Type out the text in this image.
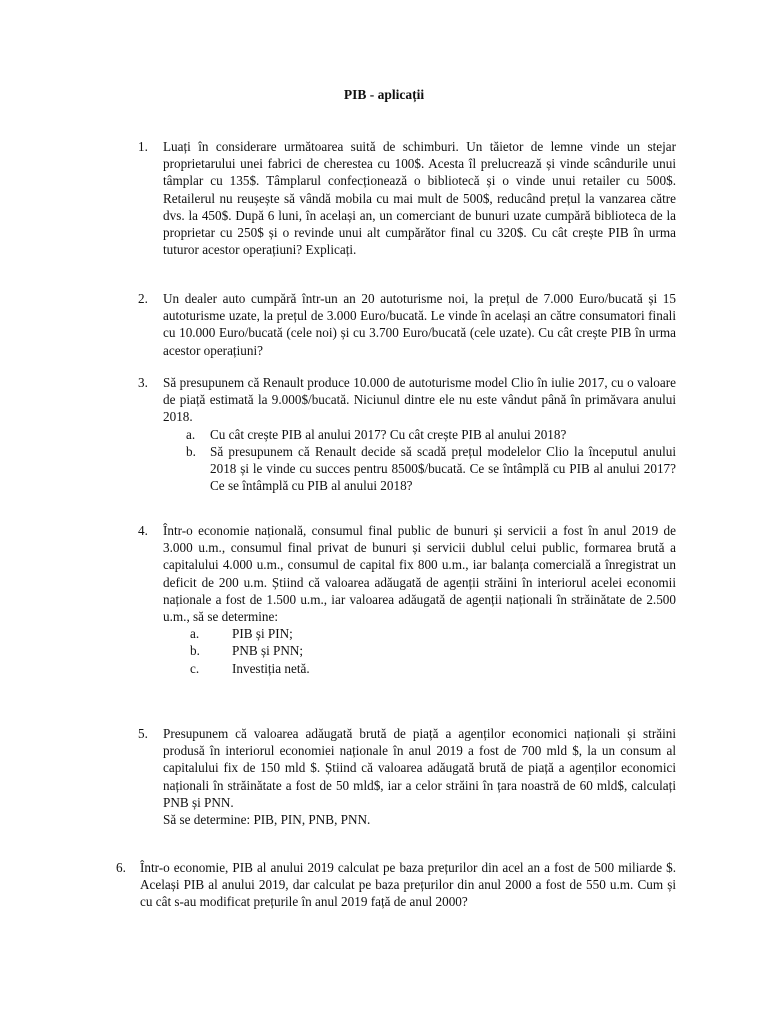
PIB - aplicații
1. Luați în considerare următoarea suită de schimburi. Un tăietor de lemne vinde un stejar proprietarului unei fabrici de cherestea cu 100$. Acesta îl prelucrează și vinde scândurile unui tâmplar cu 135$. Tâmplarul confecționează o bibliotecă și o vinde unui retailer cu 500$. Retailerul nu reușește să vândă mobila cu mai mult de 500$, reducând prețul la vanzarea către dvs. la 450$. După 6 luni, în același an, un comerciant de bunuri uzate cumpără biblioteca de la proprietar cu 250$ și o revinde unui alt cumpărător final cu 320$. Cu cât crește PIB în urma tuturor acestor operațiuni? Explicați.
2. Un dealer auto cumpără într-un an 20 autoturisme noi, la prețul de 7.000 Euro/bucată și 15 autoturisme uzate, la prețul de 3.000 Euro/bucată. Le vinde în același an către consumatori finali cu 10.000 Euro/bucată (cele noi) și cu 3.700 Euro/bucată (cele uzate). Cu cât crește PIB în urma acestor operațiuni?
3. Să presupunem că Renault produce 10.000 de autoturisme model Clio în iulie 2017, cu o valoare de piață estimată la 9.000$/bucată. Niciunul dintre ele nu este vândut până în primăvara anului 2018.
a. Cu cât crește PIB al anului 2017? Cu cât crește PIB al anului 2018?
b. Să presupunem că Renault decide să scadă prețul modelelor Clio la începutul anului 2018 și le vinde cu succes pentru 8500$/bucată. Ce se întâmplă cu PIB al anului 2017? Ce se întâmplă cu PIB al anului 2018?
4. Într-o economie națională, consumul final public de bunuri și servicii a fost în anul 2019 de 3.000 u.m., consumul final privat de bunuri și servicii dublul celui public, formarea brută a capitalului 4.000 u.m., consumul de capital fix 800 u.m., iar balanța comercială a înregistrat un deficit de 200 u.m. Știind că valoarea adăugată de agenții străini în interiorul acelei economii naționale a fost de 1.500 u.m., iar valoarea adăugată de agenții naționali în străinătate de 2.500 u.m., să se determine:
a. PIB și PIN;
b. PNB și PNN;
c. Investiția netă.
5. Presupunem că valoarea adăugată brută de piață a agenților economici naționali și străini produsă în interiorul economiei naționale în anul 2019 a fost de 700 mld $, la un consum al capitalului fix de 150 mld $. Știind că valoarea adăugată brută de piață a agenților economici naționali în străinătate a fost de 50 mld$, iar a celor străini în țara noastră de 60 mld$, calculați PNB și PNN.
Să se determine: PIB, PIN, PNB, PNN.
6. Într-o economie, PIB al anului 2019 calculat pe baza prețurilor din acel an a fost de 500 miliarde $. Același PIB al anului 2019, dar calculat pe baza prețurilor din anul 2000 a fost de 550 u.m. Cum și cu cât s-au modificat prețurile în anul 2019 față de anul 2000?
